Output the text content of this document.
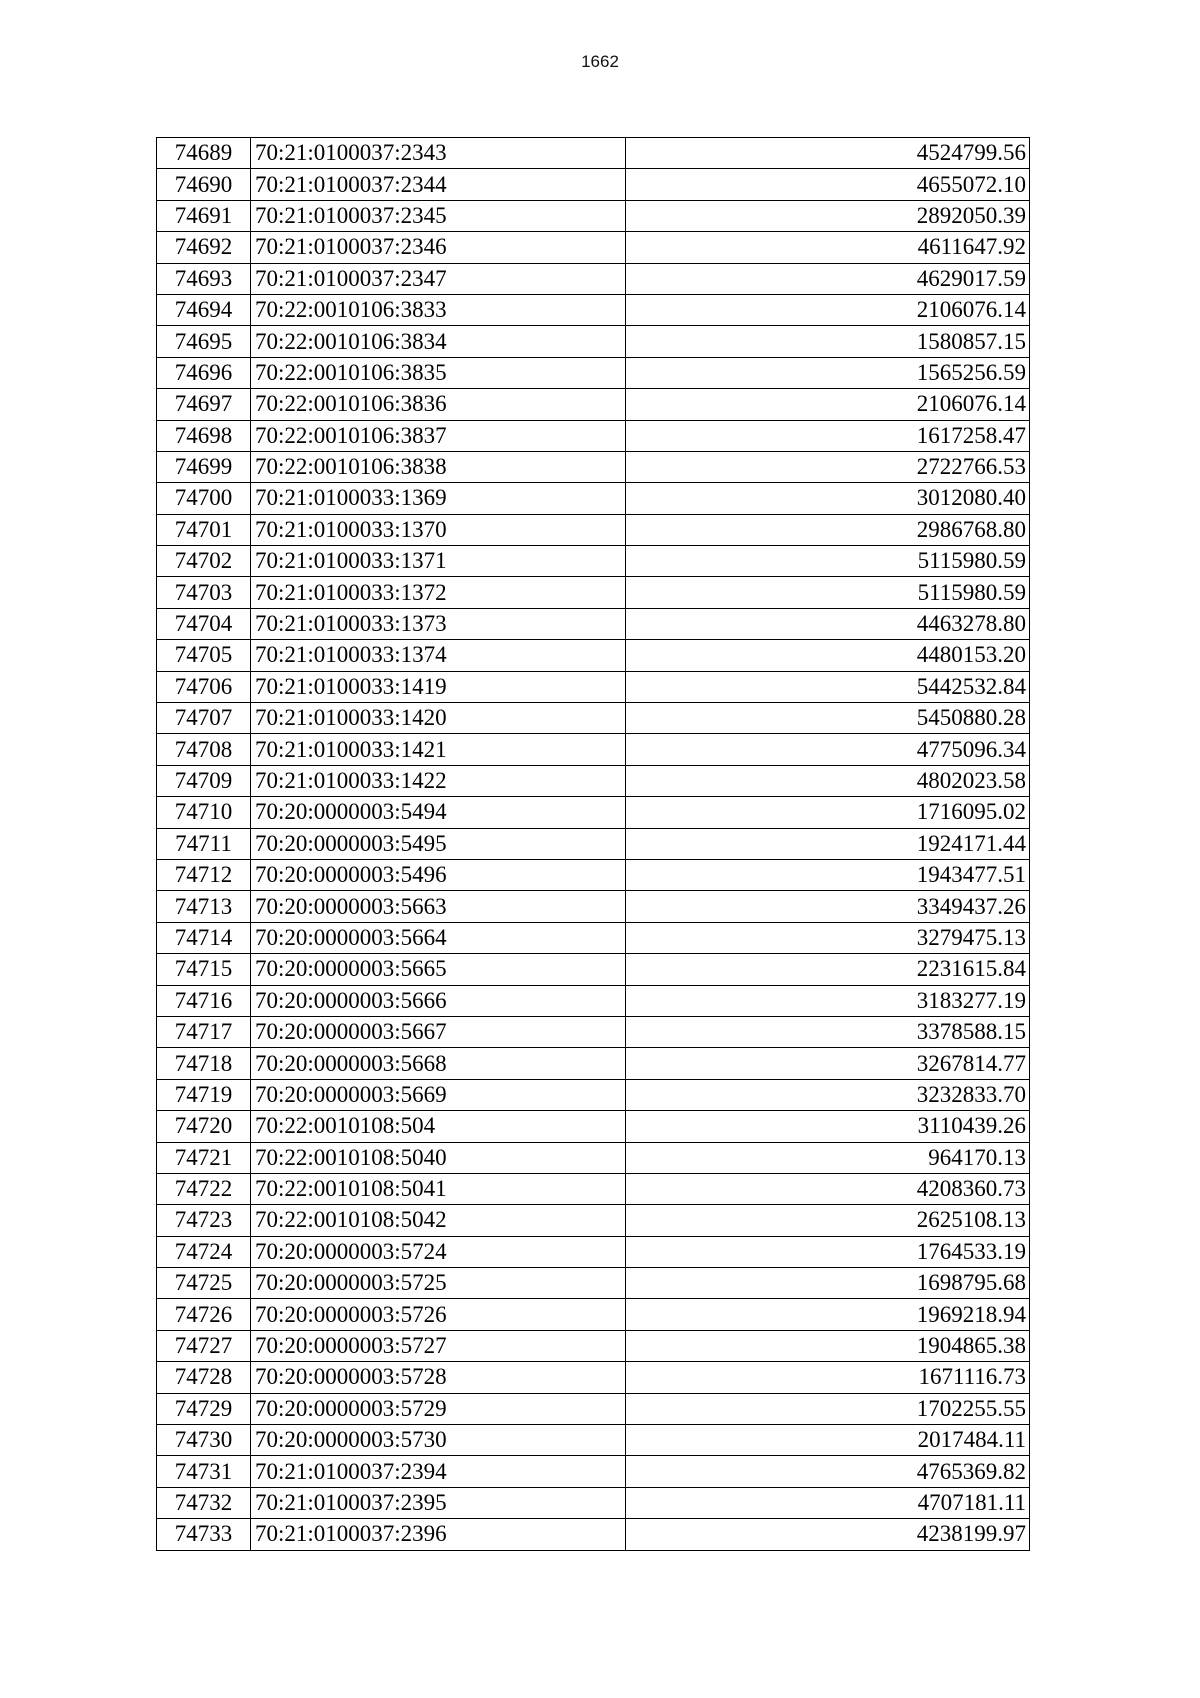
1662
74689	70:21:0100037:2343	4524799.56
74690	70:21:0100037:2344	4655072.10
74691	70:21:0100037:2345	2892050.39
74692	70:21:0100037:2346	4611647.92
74693	70:21:0100037:2347	4629017.59
74694	70:22:0010106:3833	2106076.14
74695	70:22:0010106:3834	1580857.15
74696	70:22:0010106:3835	1565256.59
74697	70:22:0010106:3836	2106076.14
74698	70:22:0010106:3837	1617258.47
74699	70:22:0010106:3838	2722766.53
74700	70:21:0100033:1369	3012080.40
74701	70:21:0100033:1370	2986768.80
74702	70:21:0100033:1371	5115980.59
74703	70:21:0100033:1372	5115980.59
74704	70:21:0100033:1373	4463278.80
74705	70:21:0100033:1374	4480153.20
74706	70:21:0100033:1419	5442532.84
74707	70:21:0100033:1420	5450880.28
74708	70:21:0100033:1421	4775096.34
74709	70:21:0100033:1422	4802023.58
74710	70:20:0000003:5494	1716095.02
74711	70:20:0000003:5495	1924171.44
74712	70:20:0000003:5496	1943477.51
74713	70:20:0000003:5663	3349437.26
74714	70:20:0000003:5664	3279475.13
74715	70:20:0000003:5665	2231615.84
74716	70:20:0000003:5666	3183277.19
74717	70:20:0000003:5667	3378588.15
74718	70:20:0000003:5668	3267814.77
74719	70:20:0000003:5669	3232833.70
74720	70:22:0010108:504	3110439.26
74721	70:22:0010108:5040	964170.13
74722	70:22:0010108:5041	4208360.73
74723	70:22:0010108:5042	2625108.13
74724	70:20:0000003:5724	1764533.19
74725	70:20:0000003:5725	1698795.68
74726	70:20:0000003:5726	1969218.94
74727	70:20:0000003:5727	1904865.38
74728	70:20:0000003:5728	1671116.73
74729	70:20:0000003:5729	1702255.55
74730	70:20:0000003:5730	2017484.11
74731	70:21:0100037:2394	4765369.82
74732	70:21:0100037:2395	4707181.11
74733	70:21:0100037:2396	4238199.97
